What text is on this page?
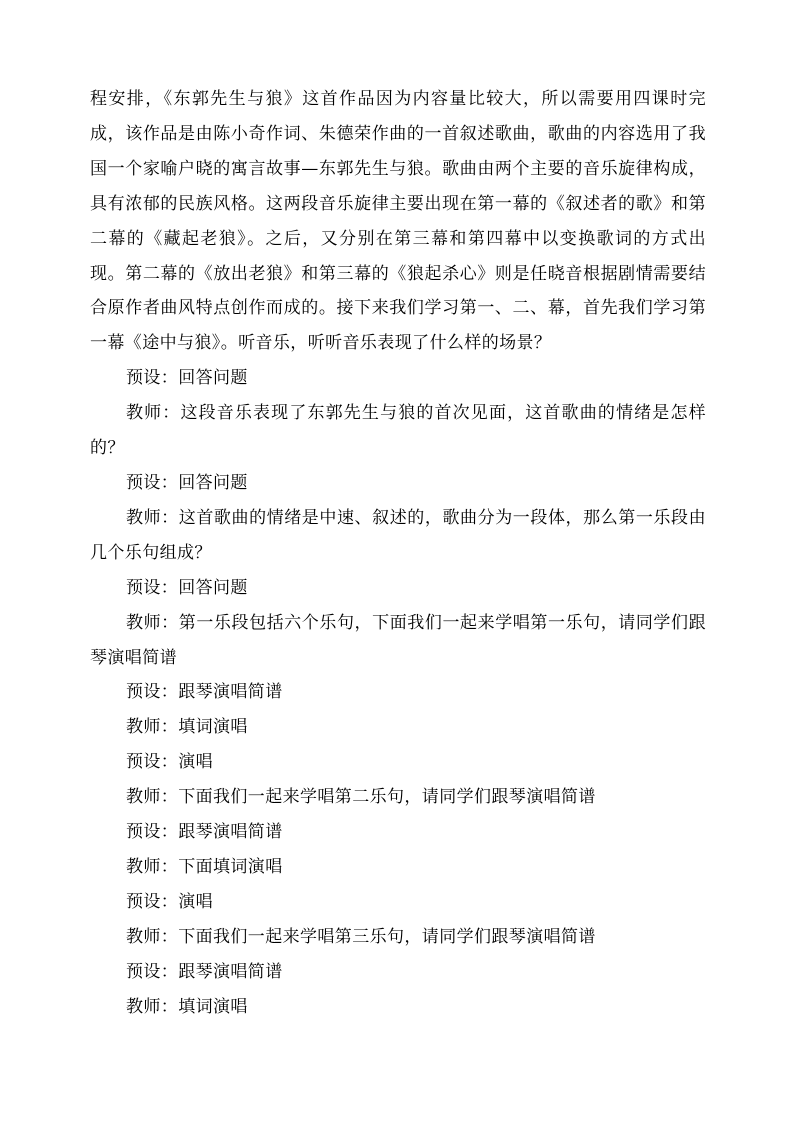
程安排，《东郭先生与狼》这首作品因为内容量比较大，所以需要用四课时完成，该作品是由陈小奇作词、朱德荣作曲的一首叙述歌曲，歌曲的内容选用了我国一个家喻户晓的寓言故事—东郭先生与狼。歌曲由两个主要的音乐旋律构成，具有浓郁的民族风格。这两段音乐旋律主要出现在第一幕的《叙述者的歌》和第二幕的《藏起老狼》。之后，又分别在第三幕和第四幕中以变换歌词的方式出现。第二幕的《放出老狼》和第三幕的《狼起杀心》则是任晓音根据剧情需要结合原作者曲风特点创作而成的。接下来我们学习第一、二、幕，首先我们学习第一幕《途中与狼》。听音乐，听听音乐表现了什么样的场景？

预设：回答问题

教师：这段音乐表现了东郭先生与狼的首次见面，这首歌曲的情绪是怎样的？

预设：回答问题

教师：这首歌曲的情绪是中速、叙述的，歌曲分为一段体，那么第一乐段由几个乐句组成？

预设：回答问题

教师：第一乐段包括六个乐句，下面我们一起来学唱第一乐句，请同学们跟琴演唱简谱

预设：跟琴演唱简谱

教师：填词演唱

预设：演唱

教师：下面我们一起来学唱第二乐句，请同学们跟琴演唱简谱

预设：跟琴演唱简谱

教师：下面填词演唱

预设：演唱

教师：下面我们一起来学唱第三乐句，请同学们跟琴演唱简谱

预设：跟琴演唱简谱

教师：填词演唱
